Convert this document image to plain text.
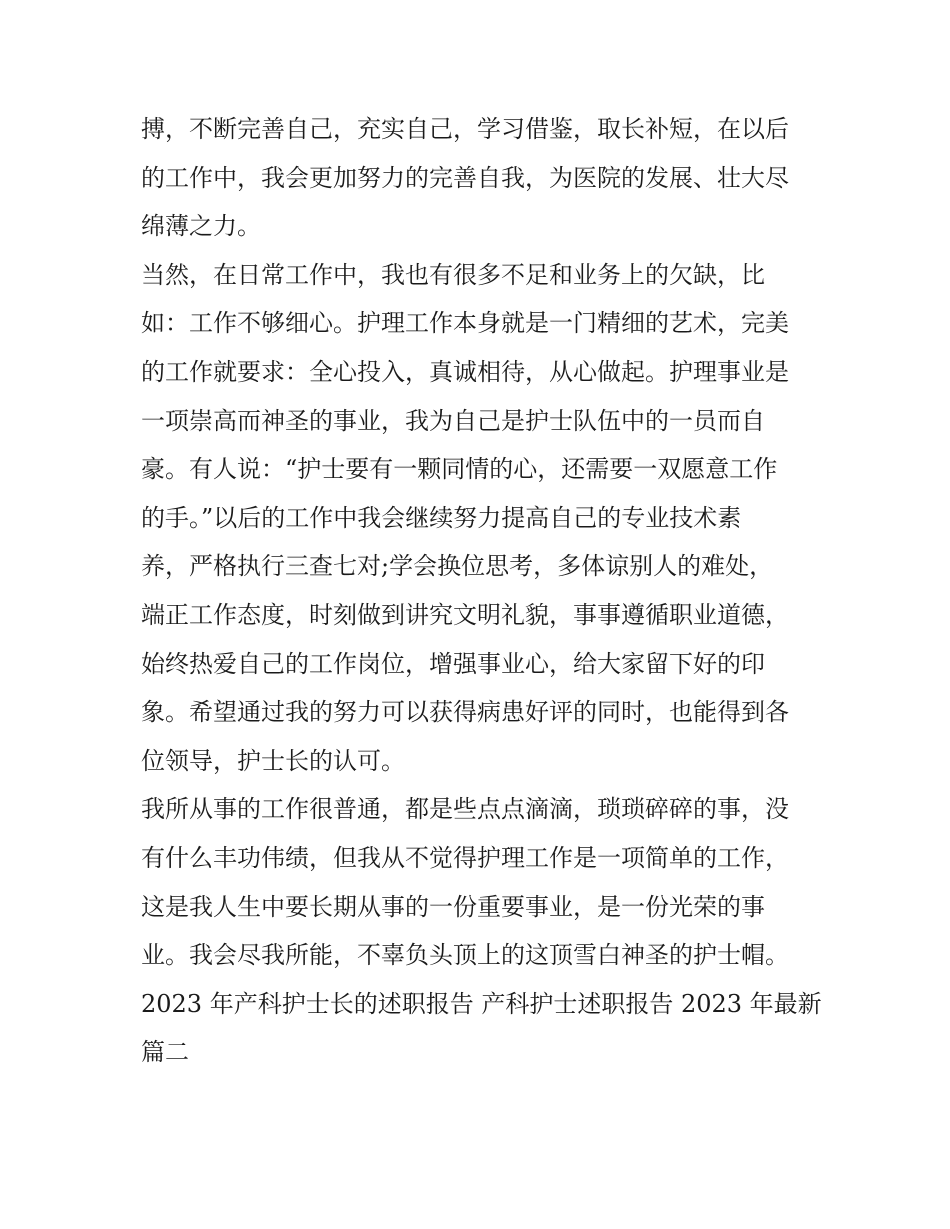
搏，不断完善自己，充实自己，学习借鉴，取长补短，在以后
的工作中，我会更加努力的完善自我，为医院的发展、壮大尽
绵薄之力。
当然，在日常工作中，我也有很多不足和业务上的欠缺，比
如：工作不够细心。护理工作本身就是一门精细的艺术，完美
的工作就要求：全心投入，真诚相待，从心做起。护理事业是
一项崇高而神圣的事业，我为自己是护士队伍中的一员而自
豪。有人说：“护士要有一颗同情的心，还需要一双愿意工作
的手。”以后的工作中我会继续努力提高自己的专业技术素
养，严格执行三查七对;学会换位思考，多体谅别人的难处，
端正工作态度，时刻做到讲究文明礼貌，事事遵循职业道德，
始终热爱自己的工作岗位，增强事业心，给大家留下好的印
象。希望通过我的努力可以获得病患好评的同时，也能得到各
位领导，护士长的认可。
我所从事的工作很普通，都是些点点滴滴，琐琐碎碎的事，没
有什么丰功伟绩，但我从不觉得护理工作是一项简单的工作，
这是我人生中要长期从事的一份重要事业，是一份光荣的事
业。我会尽我所能，不辜负头顶上的这顶雪白神圣的护士帽。
2023 年产科护士长的述职报告 产科护士述职报告 2023 年最新
篇二
